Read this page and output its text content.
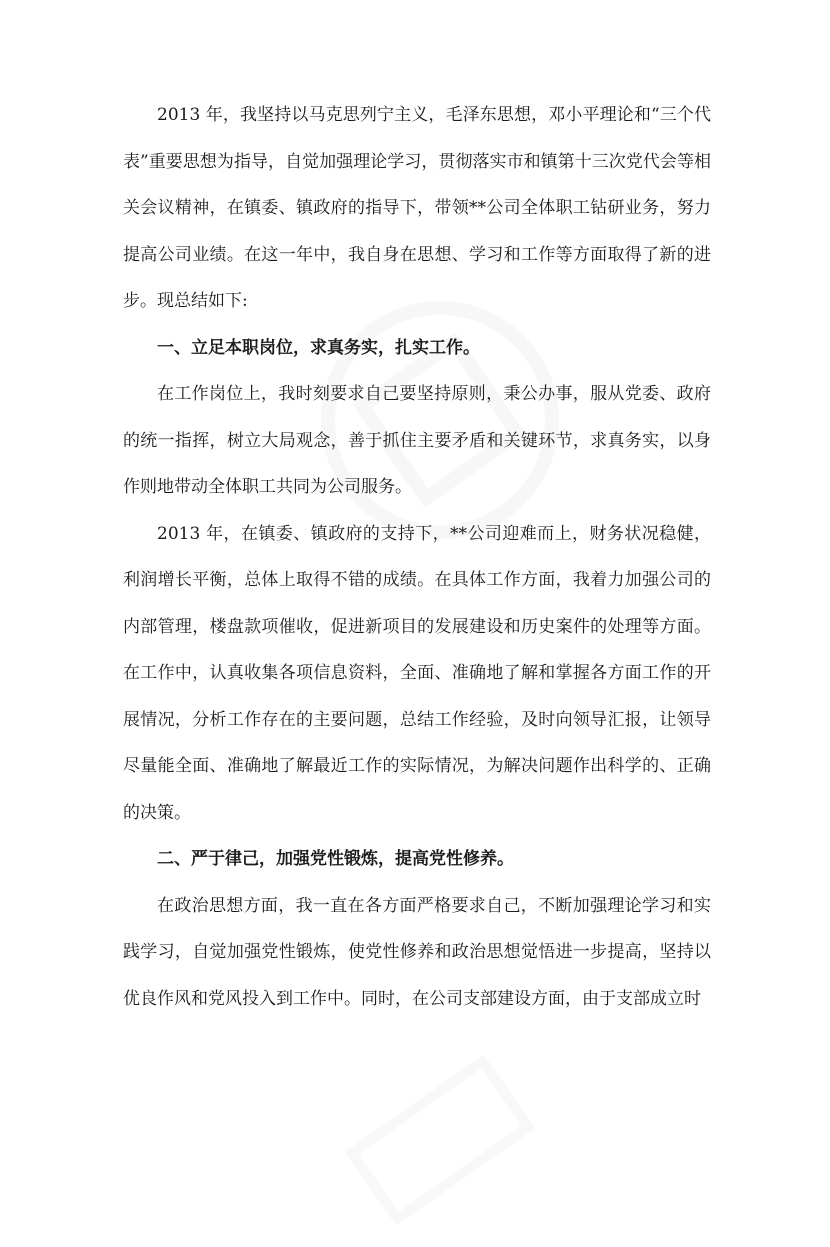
2013 年，我坚持以马克思列宁主义，毛泽东思想，邓小平理论和“三个代表”重要思想为指导，自觉加强理论学习，贯彻落实市和镇第十三次党代会等相关会议精神，在镇委、镇政府的指导下，带领**公司全体职工钻研业务，努力提高公司业绩。在这一年中，我自身在思想、学习和工作等方面取得了新的进步。现总结如下:

一、立足本职岗位，求真务实，扎实工作。

在工作岗位上，我时刻要求自己要坚持原则，秉公办事，服从党委、政府的统一指挥，树立大局观念，善于抓住主要矛盾和关键环节，求真务实，以身作则地带动全体职工共同为公司服务。

2013 年，在镇委、镇政府的支持下，**公司迎难而上，财务状况稳健，利润增长平衡，总体上取得不错的成绩。在具体工作方面，我着力加强公司的内部管理，楼盘款项催收，促进新项目的发展建设和历史案件的处理等方面。在工作中，认真收集各项信息资料，全面、准确地了解和掌握各方面工作的开展情况，分析工作存在的主要问题，总结工作经验，及时向领导汇报，让领导尽量能全面、准确地了解最近工作的实际情况，为解决问题作出科学的、正确的决策。

二、严于律己，加强党性锻炼，提高党性修养。

在政治思想方面，我一直在各方面严格要求自己，不断加强理论学习和实践学习，自觉加强党性锻炼，使党性修养和政治思想觉悟进一步提高，坚持以优良作风和党风投入到工作中。同时，在公司支部建设方面，由于支部成立时
